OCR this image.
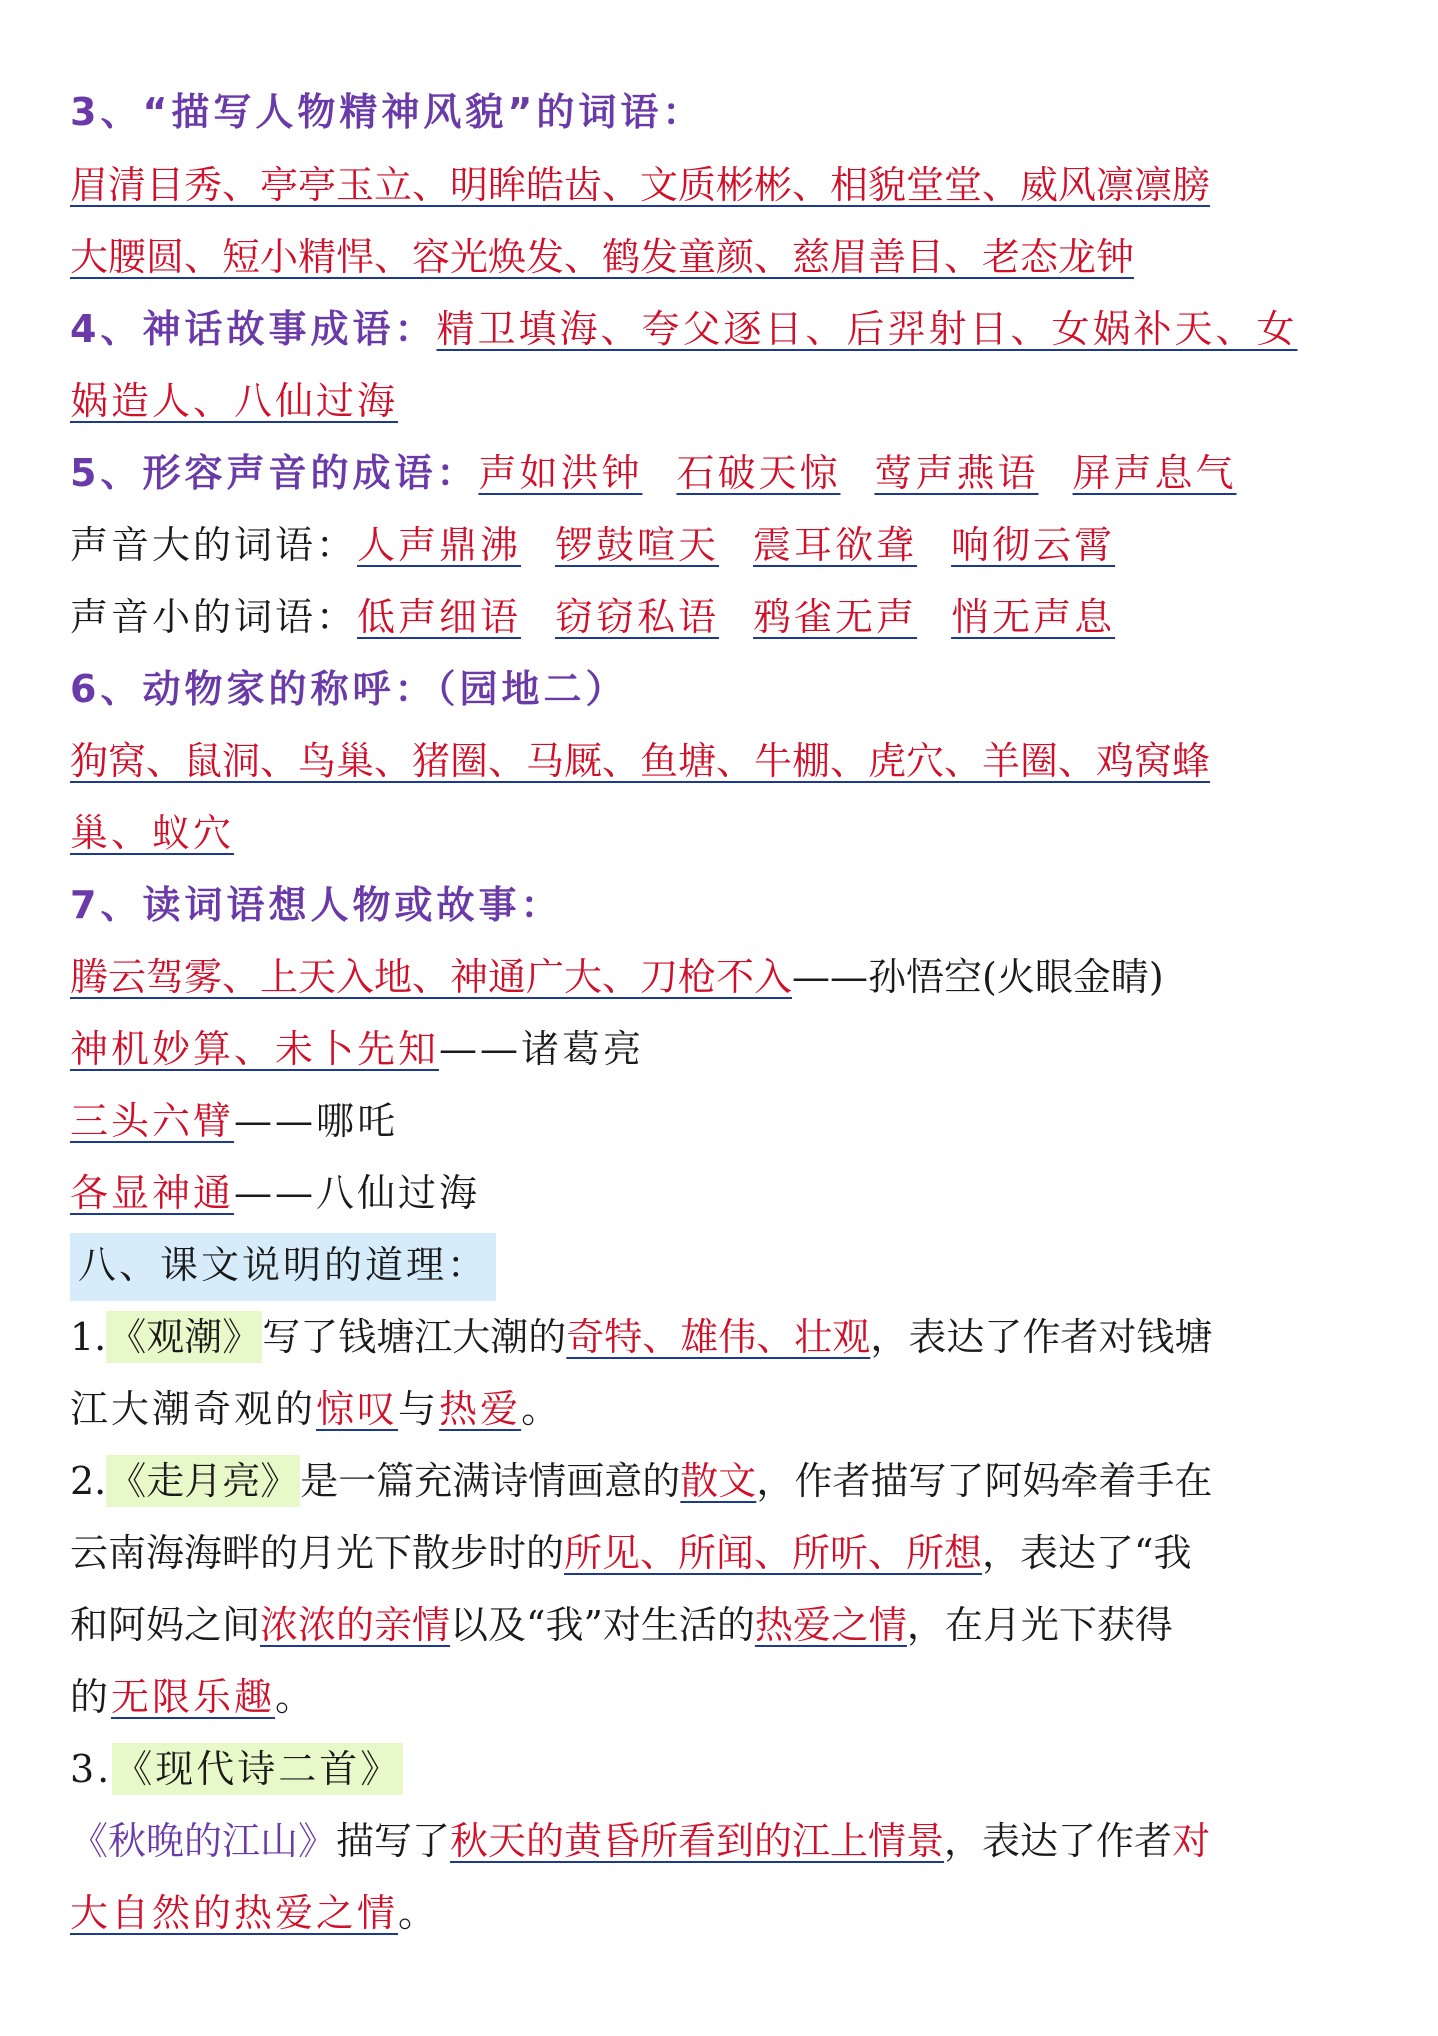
3、“描写人物精神风貌”的词语：
眉清目秀、亭亭玉立、明眸皓齿、文质彬彬、相貌堂堂、威风凛凛膀
大腰圆、短小精悍、容光焕发、鹤发童颜、慈眉善目、老态龙钟
4、神话故事成语：精卫填海、夸父逐日、后羿射日、女娲补天、女
娲造人、八仙过海
5、形容声音的成语：声如洪钟 石破天惊 莺声燕语 屏声息气
声音大的词语：人声鼎沸 锣鼓喧天 震耳欲聋 响彻云霄
声音小的词语：低声细语 窃窃私语 鸦雀无声 悄无声息
6、动物家的称呼：（园地二）
狗窝、鼠洞、鸟巢、猪圈、马厩、鱼塘、牛棚、虎穴、羊圈、鸡窝蜂
巢、蚁穴
7、读词语想人物或故事：
腾云驾雾、上天入地、神通广大、刀枪不入——孙悟空(火眼金睛)
神机妙算、未卜先知——诸葛亮
三头六臂——哪吒
各显神通——八仙过海
八、课文说明的道理：
1.《观潮》写了钱塘江大潮的奇特、雄伟、壮观，表达了作者对钱塘
江大潮奇观的惊叹与热爱。
2.《走月亮》是一篇充满诗情画意的散文，作者描写了阿妈牵着手在
云南海海畔的月光下散步时的所见、所闻、所听、所想，表达了“我
和阿妈之间浓浓的亲情以及“我”对生活的热爱之情，在月光下获得
的无限乐趣。
3.《现代诗二首》
《秋晚的江山》描写了秋天的黄昏所看到的江上情景，表达了作者对
大自然的热爱之情。
